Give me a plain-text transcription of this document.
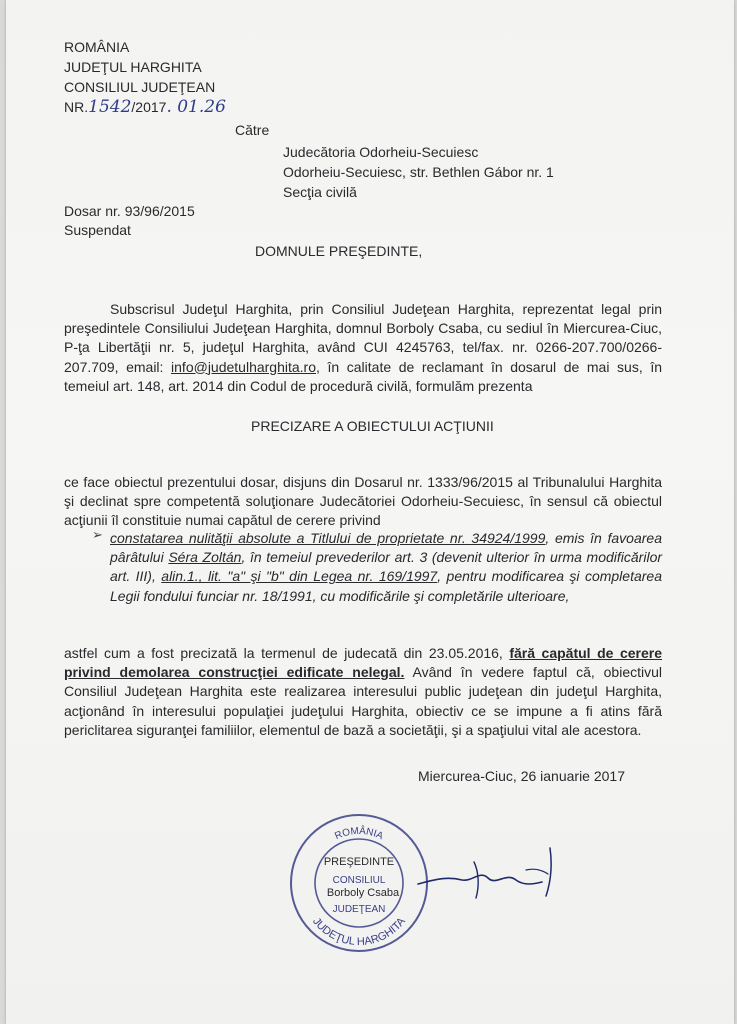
ROMÂNIA
JUDEŢUL HARGHITA
CONSILIUL JUDEŢEAN
NR.1542/2017. 01.26
Către
Judecătoria Odorheiu-Secuiesc
Odorheiu-Secuiesc, str. Bethlen Gábor nr. 1
Secţia civilă
Dosar nr. 93/96/2015
Suspendat
DOMNULE PREŞEDINTE,
Subscrisul Judeţul Harghita, prin Consiliul Judeţean Harghita, reprezentat legal prin preşedintele Consiliului Judeţean Harghita, domnul Borboly Csaba, cu sediul în Miercurea-Ciuc, P-ţa Libertăţii nr. 5, judeţul Harghita, având CUI 4245763, tel/fax. nr. 0266-207.700/0266-207.709, email: info@judetulharghita.ro, în calitate de reclamant în dosarul de mai sus, în temeiul art. 148, art. 2014 din Codul de procedură civilă, formulăm prezenta
PRECIZARE A OBIECTULUI ACŢIUNII
ce face obiectul prezentului dosar, disjuns din Dosarul nr. 1333/96/2015 al Tribunalului Harghita şi declinat spre competentă soluţionare Judecătoriei Odorheiu-Secuiesc, în sensul că obiectul acţiunii îl constituie numai capătul de cerere privind
➢ constatarea nulităţii absolute a Titlului de proprietate nr. 34924/1999, emis în favoarea pârâtului Séra Zoltán, în temeiul prevederilor art. 3 (devenit ulterior în urma modificărilor art. III), alin.1., lit. "a" şi "b" din Legea nr. 169/1997, pentru modificarea şi completarea Legii fondului funciar nr. 18/1991, cu modificările şi completările ulterioare,
astfel cum a fost precizată la termenul de judecată din 23.05.2016, fără capătul de cerere privind demolarea construcţiei edificate nelegal. Având în vedere faptul că, obiectivul Consiliul Judeţean Harghita este realizarea interesului public judeţean din judeţul Harghita, acţionând în interesului populaţiei judeţului Harghita, obiectiv ce se impune a fi atins fără periclitarea siguranţei familiilor, elementul de bază a societăţii, şi a spaţiului vital ale acestora.
Miercurea-Ciuc, 26 ianuarie 2017
ROMÂNIA
JUDEŢUL HARGHITA
PREŞEDINTE
CONSILIUL
Borboly Csaba
JUDEŢEAN
